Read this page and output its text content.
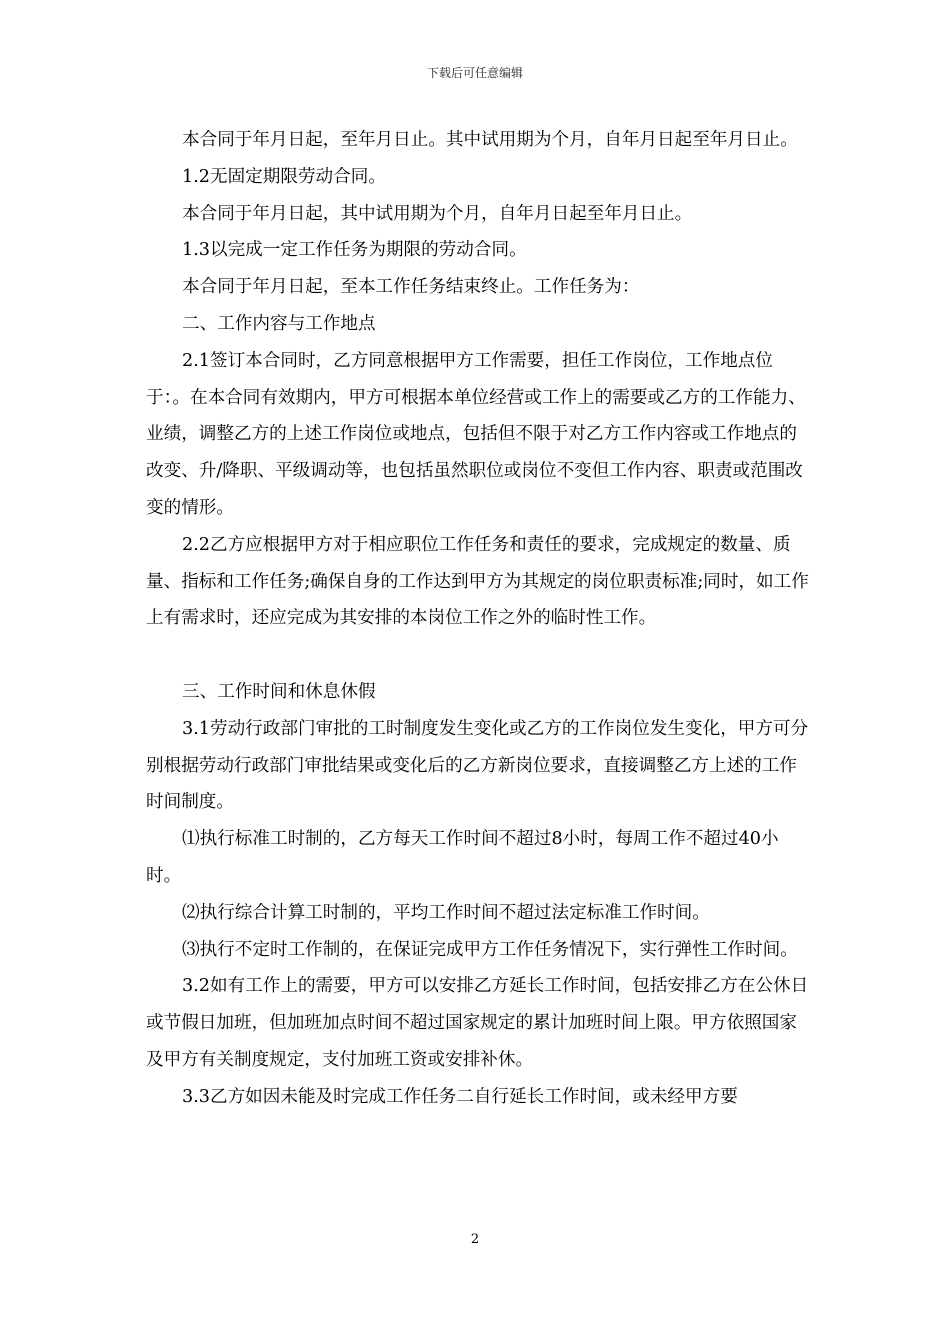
下载后可任意编辑

本合同于年月日起，至年月日止。其中试用期为个月，自年月日起至年月日止。

1.2无固定期限劳动合同。

本合同于年月日起，其中试用期为个月，自年月日起至年月日止。

1.3以完成一定工作任务为期限的劳动合同。

本合同于年月日起，至本工作任务结束终止。工作任务为：

二、工作内容与工作地点

2.1签订本合同时，乙方同意根据甲方工作需要，担任工作岗位，工作地点位于：。在本合同有效期内，甲方可根据本单位经营或工作上的需要或乙方的工作能力、业绩，调整乙方的上述工作岗位或地点，包括但不限于对乙方工作内容或工作地点的改变、升/降职、平级调动等，也包括虽然职位或岗位不变但工作内容、职责或范围改变的情形。

2.2乙方应根据甲方对于相应职位工作任务和责任的要求，完成规定的数量、质量、指标和工作任务;确保自身的工作达到甲方为其规定的岗位职责标准;同时，如工作上有需求时，还应完成为其安排的本岗位工作之外的临时性工作。

三、工作时间和休息休假

3.1劳动行政部门审批的工时制度发生变化或乙方的工作岗位发生变化，甲方可分别根据劳动行政部门审批结果或变化后的乙方新岗位要求，直接调整乙方上述的工作时间制度。

⑴执行标准工时制的，乙方每天工作时间不超过8小时，每周工作不超过40小时。

⑵执行综合计算工时制的，平均工作时间不超过法定标准工作时间。

⑶执行不定时工作制的，在保证完成甲方工作任务情况下，实行弹性工作时间。

3.2如有工作上的需要，甲方可以安排乙方延长工作时间，包括安排乙方在公休日或节假日加班，但加班加点时间不超过国家规定的累计加班时间上限。甲方依照国家及甲方有关制度规定，支付加班工资或安排补休。

3.3乙方如因未能及时完成工作任务二自行延长工作时间，或未经甲方要

2
